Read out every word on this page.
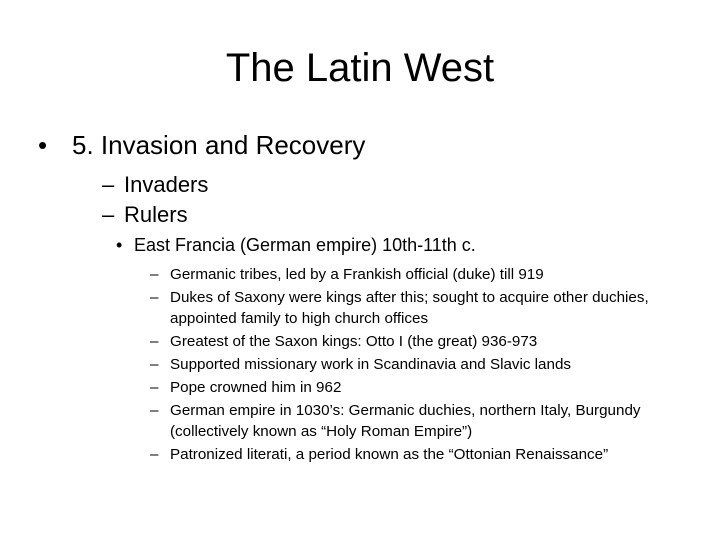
The Latin West
• 5. Invasion and Recovery
– Invaders
– Rulers
• East Francia (German empire) 10th-11th c.
– Germanic tribes, led by a Frankish official (duke) till 919
– Dukes of Saxony were kings after this; sought to acquire other duchies, appointed family to high church offices
– Greatest of the Saxon kings: Otto I (the great) 936-973
– Supported missionary work in Scandinavia and Slavic lands
– Pope crowned him in 962
– German empire in 1030’s: Germanic duchies, northern Italy, Burgundy (collectively known as “Holy Roman Empire”)
– Patronized literati, a period known as the “Ottonian Renaissance”
